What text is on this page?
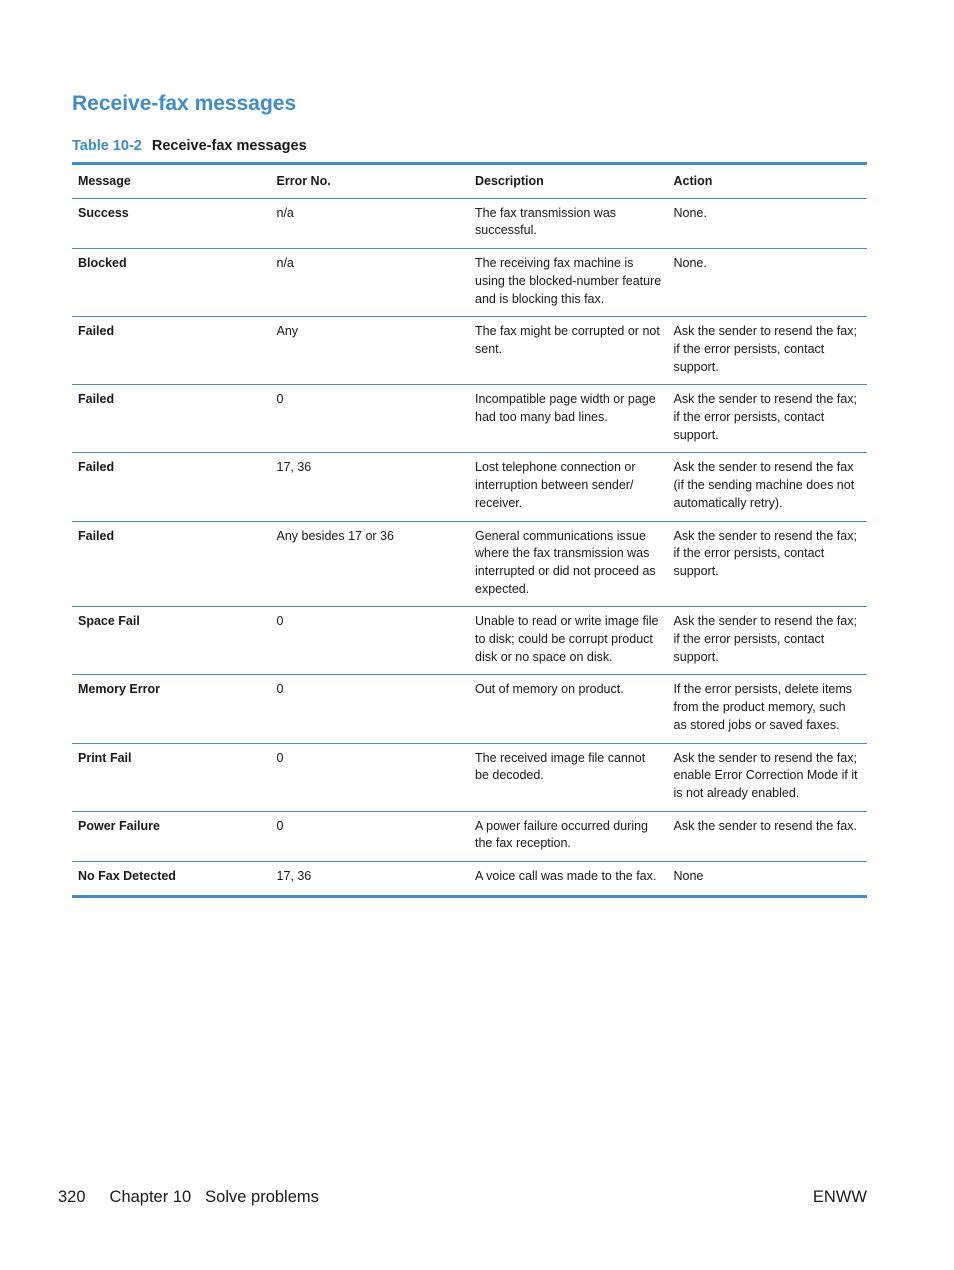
Receive-fax messages
Table 10-2 Receive-fax messages
Message	Error No.	Description	Action
Success	n/a	The fax transmission was successful.	None.
Blocked	n/a	The receiving fax machine is using the blocked-number feature and is blocking this fax.	None.
Failed	Any	The fax might be corrupted or not sent.	Ask the sender to resend the fax; if the error persists, contact support.
Failed	0	Incompatible page width or page had too many bad lines.	Ask the sender to resend the fax; if the error persists, contact support.
Failed	17, 36	Lost telephone connection or interruption between sender/ receiver.	Ask the sender to resend the fax (if the sending machine does not automatically retry).
Failed	Any besides 17 or 36	General communications issue where the fax transmission was interrupted or did not proceed as expected.	Ask the sender to resend the fax; if the error persists, contact support.
Space Fail	0	Unable to read or write image file to disk; could be corrupt product disk or no space on disk.	Ask the sender to resend the fax; if the error persists, contact support.
Memory Error	0	Out of memory on product.	If the error persists, delete items from the product memory, such as stored jobs or saved faxes.
Print Fail	0	The received image file cannot be decoded.	Ask the sender to resend the fax; enable Error Correction Mode if it is not already enabled.
Power Failure	0	A power failure occurred during the fax reception.	Ask the sender to resend the fax.
No Fax Detected	17, 36	A voice call was made to the fax.	None
320 Chapter 10 Solve problems	ENWW
